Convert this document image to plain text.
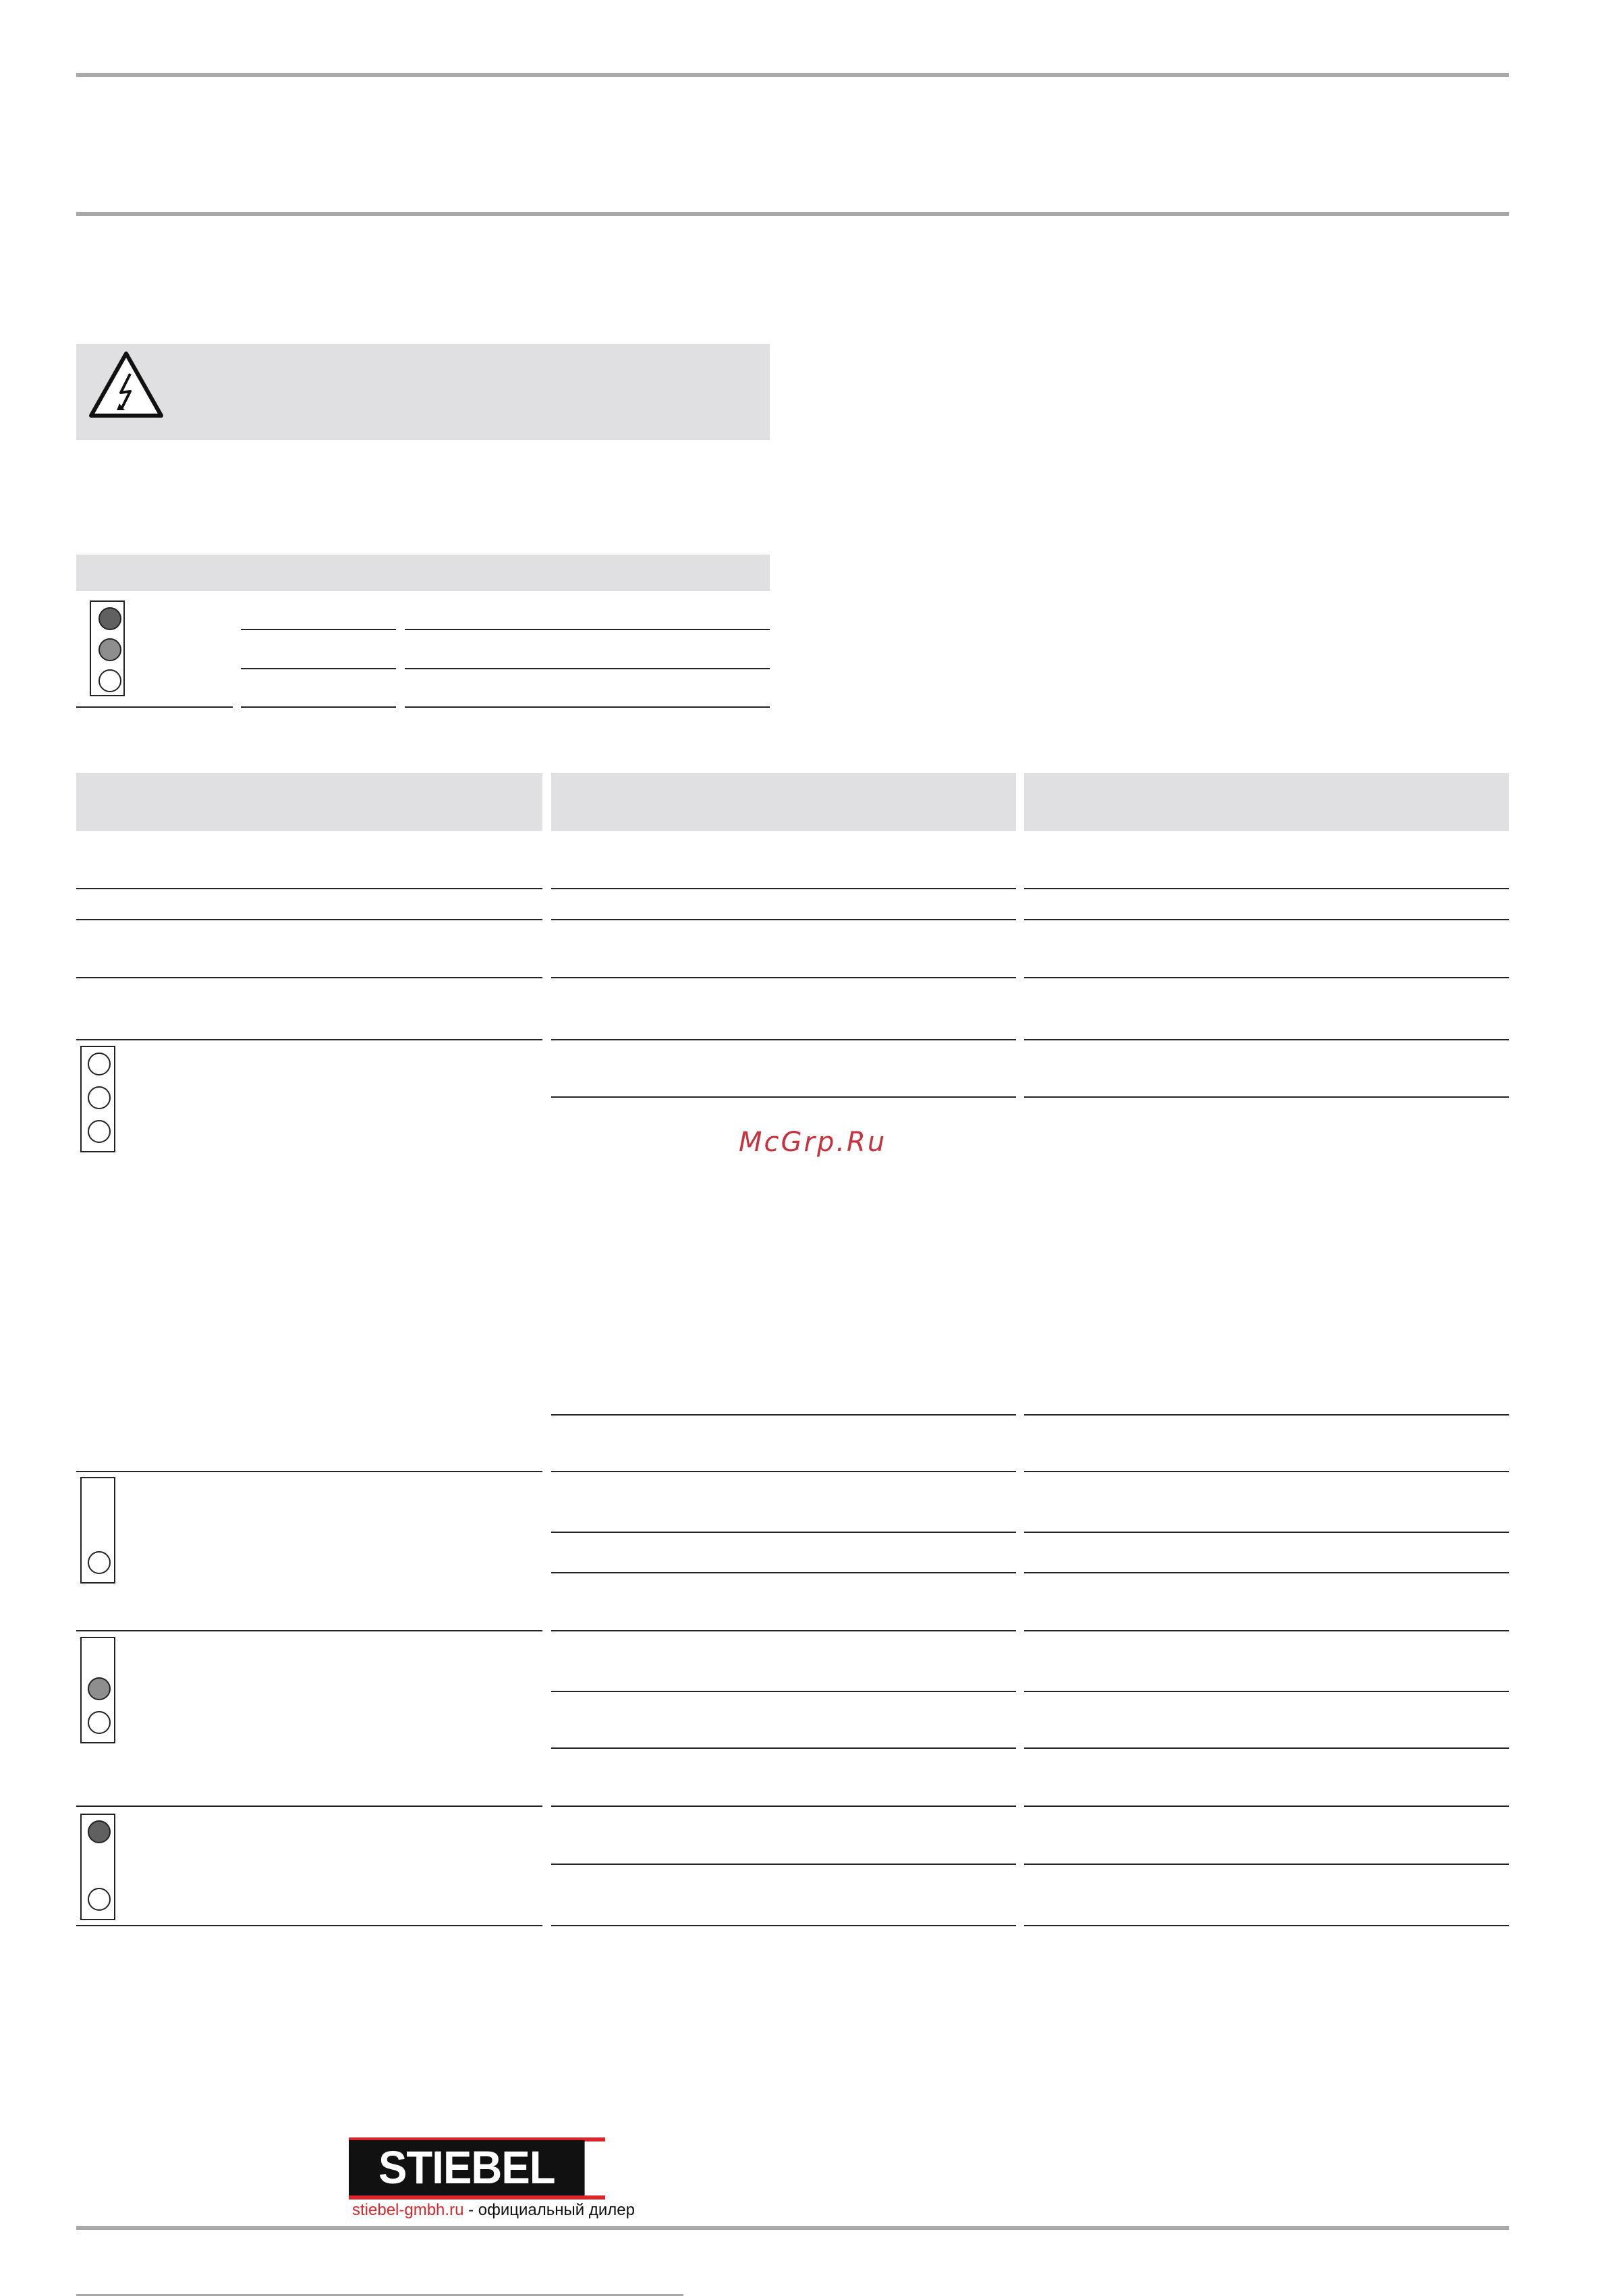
McGrp.Ru
STIEBEL
stiebel-gmbh.ru - официальный дилер
